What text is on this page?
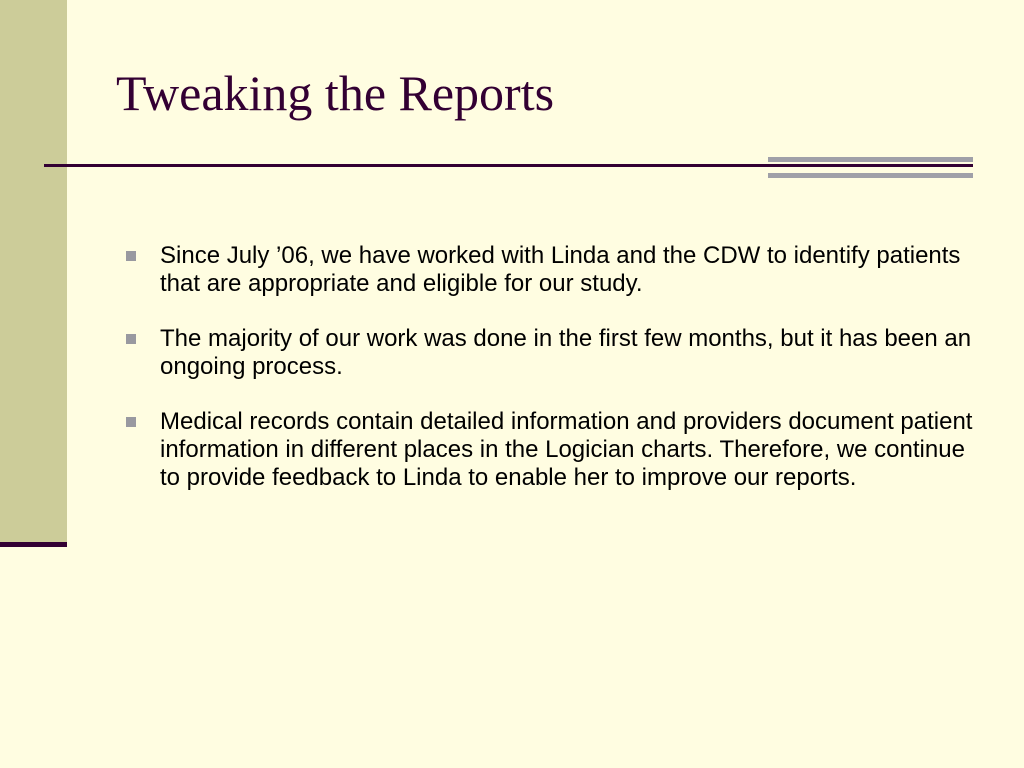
Tweaking the Reports
Since July ’06, we have worked with Linda and the CDW to identify patients that are appropriate and eligible for our study.
The majority of our work was done in the first few months, but it has been an ongoing process.
Medical records contain detailed information and providers document patient information in different places in the Logician charts. Therefore, we continue to provide feedback to Linda to enable her to improve our reports.
